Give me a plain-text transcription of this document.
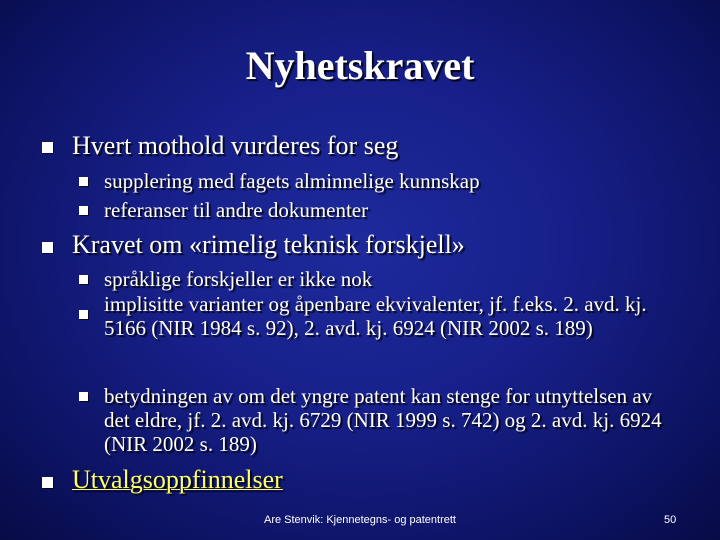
Nyhetskravet
Hvert mothold vurderes for seg
supplering med fagets alminnelige kunnskap
referanser til andre dokumenter
Kravet om «rimelig teknisk forskjell»
språklige forskjeller er ikke nok
implisitte varianter og åpenbare ekvivalenter, jf. f.eks. 2. avd. kj. 5166 (NIR 1984 s. 92), 2. avd. kj. 6924 (NIR 2002 s. 189)
betydningen av om det yngre patent kan stenge for utnyttelsen av det eldre, jf. 2. avd. kj. 6729 (NIR 1999 s. 742) og 2. avd. kj. 6924 (NIR 2002 s. 189)
Utvalgsoppfinnelser
Are Stenvik: Kjennetegns- og patentrett	50
